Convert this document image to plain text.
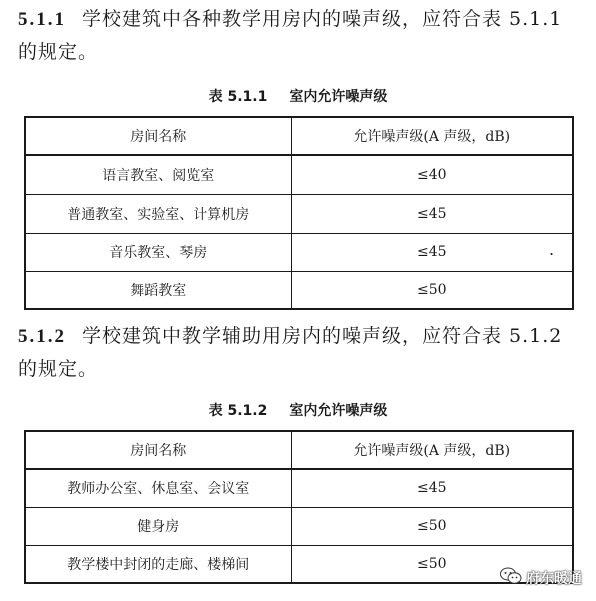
5.1.1 学校建筑中各种教学用房内的噪声级，应符合表 5.1.1
的规定。
表 5.1.1 室内允许噪声级
房间名称	允许噪声级(A 声级，dB)
语言教室、阅览室	≤40
普通教室、实验室、计算机房	≤45
音乐教室、琴房	≤45
舞蹈教室	≤50
.
5.1.2 学校建筑中教学辅助用房内的噪声级，应符合表 5.1.2
的规定。
表 5.1.2 室内允许噪声级
房间名称	允许噪声级(A 声级，dB)
教师办公室、休息室、会议室	≤45
健身房	≤50
教学楼中封闭的走廊、楼梯间	≤50
府东暖通
